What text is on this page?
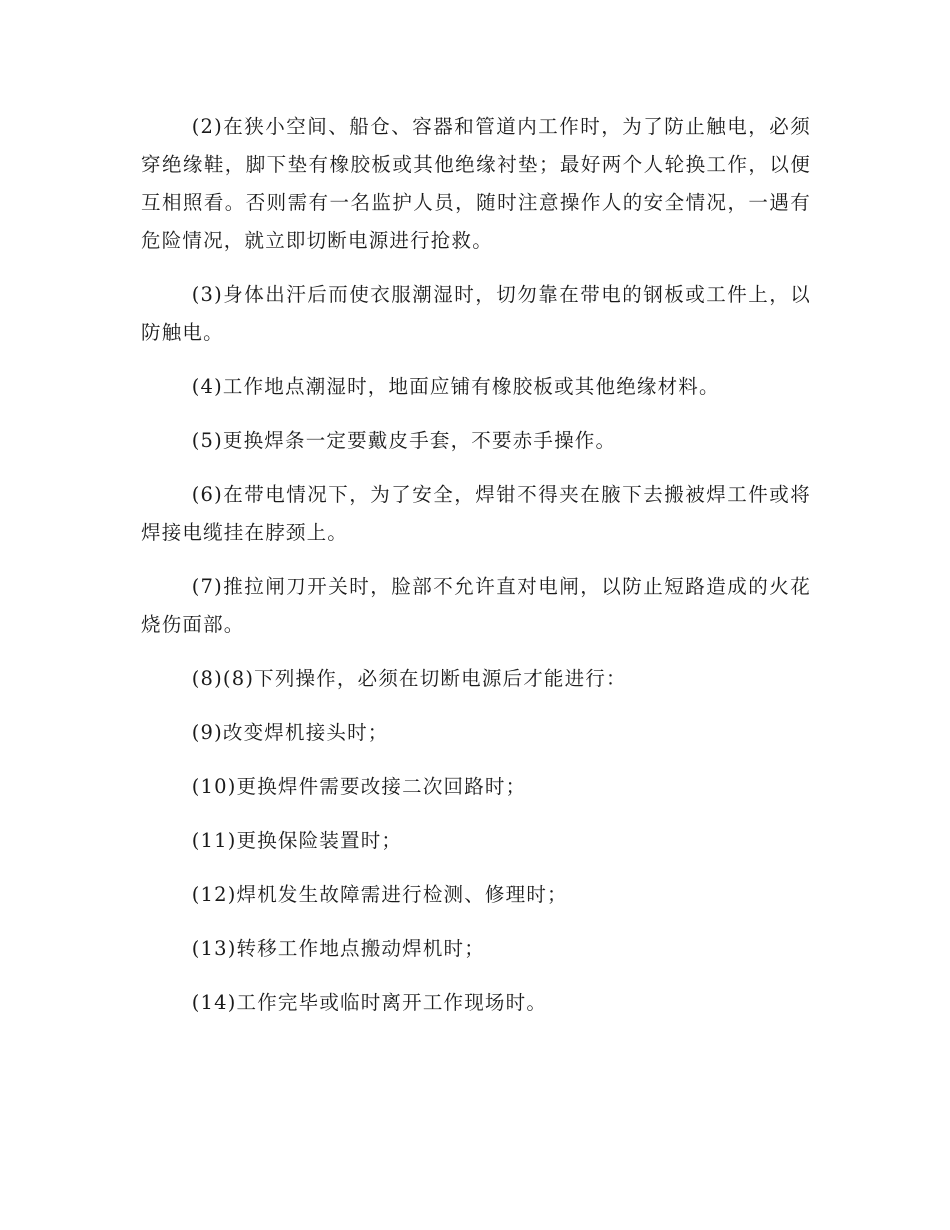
(2)在狭小空间、船仓、容器和管道内工作时，为了防止触电，必须穿绝缘鞋，脚下垫有橡胶板或其他绝缘衬垫；最好两个人轮换工作，以便互相照看。否则需有一名监护人员，随时注意操作人的安全情况，一遇有危险情况，就立即切断电源进行抢救。

(3)身体出汗后而使衣服潮湿时，切勿靠在带电的钢板或工件上，以防触电。

(4)工作地点潮湿时，地面应铺有橡胶板或其他绝缘材料。

(5)更换焊条一定要戴皮手套，不要赤手操作。

(6)在带电情况下，为了安全，焊钳不得夹在腋下去搬被焊工件或将焊接电缆挂在脖颈上。

(7)推拉闸刀开关时，脸部不允许直对电闸，以防止短路造成的火花烧伤面部。

(8)(8)下列操作，必须在切断电源后才能进行：

(9)改变焊机接头时；

(10)更换焊件需要改接二次回路时；

(11)更换保险装置时；

(12)焊机发生故障需进行检测、修理时；

(13)转移工作地点搬动焊机时；

(14)工作完毕或临时离开工作现场时。
